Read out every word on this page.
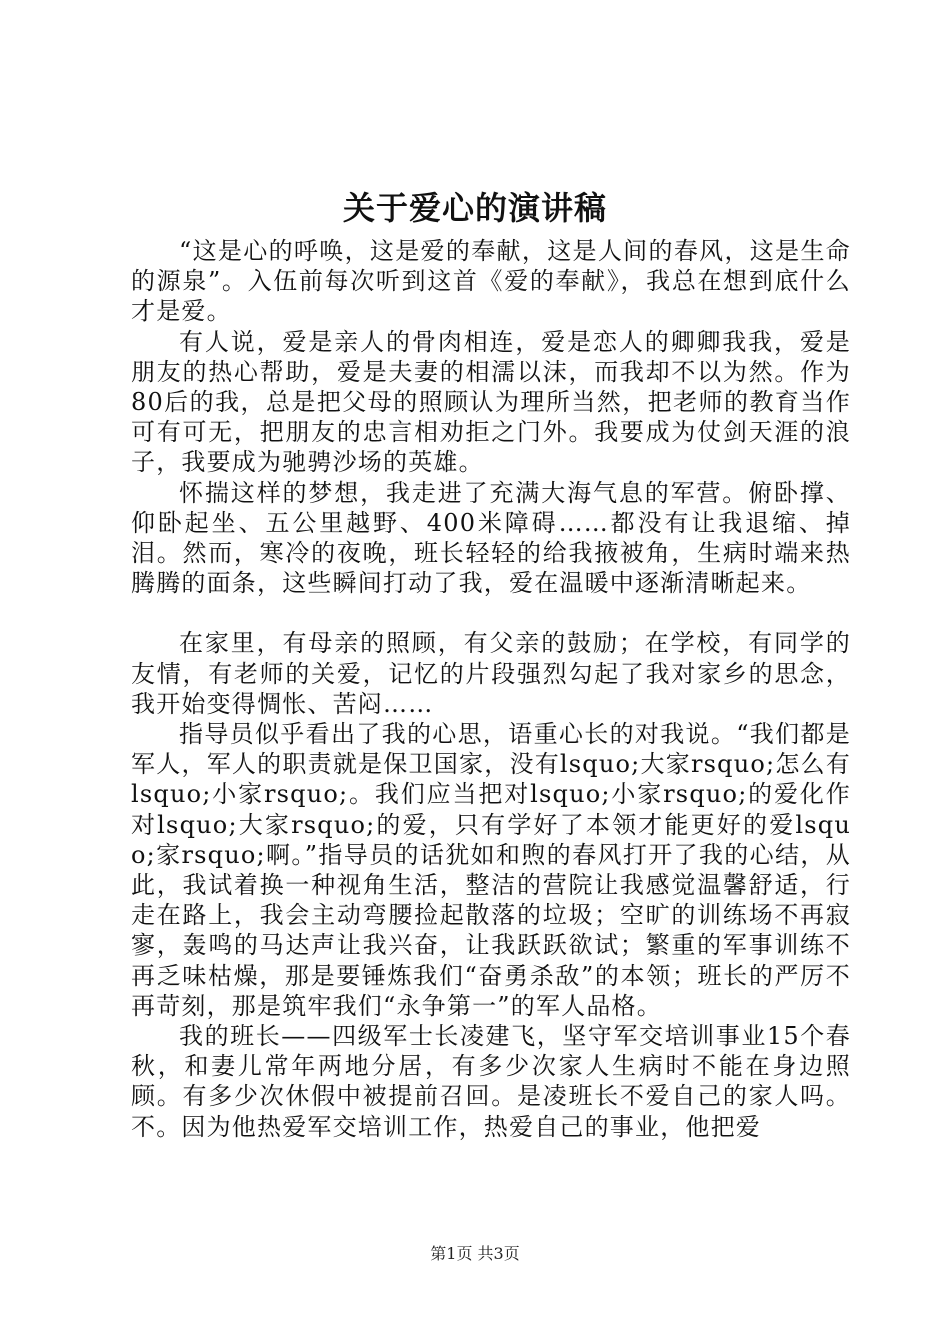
关于爱心的演讲稿

“这是心的呼唤，这是爱的奉献，这是人间的春风，这是生命的源泉”。入伍前每次听到这首《爱的奉献》，我总在想到底什么才是爱。

有人说，爱是亲人的骨肉相连，爱是恋人的卿卿我我，爱是朋友的热心帮助，爱是夫妻的相濡以沫，而我却不以为然。作为80后的我，总是把父母的照顾认为理所当然，把老师的教育当作可有可无，把朋友的忠言相劝拒之门外。我要成为仗剑天涯的浪子，我要成为驰骋沙场的英雄。

怀揣这样的梦想，我走进了充满大海气息的军营。俯卧撑、仰卧起坐、五公里越野、400米障碍……都没有让我退缩、掉泪。然而，寒冷的夜晚，班长轻轻的给我掖被角，生病时端来热腾腾的面条，这些瞬间打动了我，爱在温暖中逐渐清晰起来。

在家里，有母亲的照顾，有父亲的鼓励；在学校，有同学的友情，有老师的关爱，记忆的片段强烈勾起了我对家乡的思念，我开始变得惆怅、苦闷……

指导员似乎看出了我的心思，语重心长的对我说。“我们都是军人，军人的职责就是保卫国家，没有lsquo;大家rsquo;怎么有lsquo;小家rsquo;。我们应当把对lsquo;小家rsquo;的爱化作对lsquo;大家rsquo;的爱，只有学好了本领才能更好的爱lsquo;家rsquo;啊。”指导员的话犹如和煦的春风打开了我的心结，从此，我试着换一种视角生活，整洁的营院让我感觉温馨舒适，行走在路上，我会主动弯腰捡起散落的垃圾；空旷的训练场不再寂寥，轰鸣的马达声让我兴奋，让我跃跃欲试；繁重的军事训练不再乏味枯燥，那是要锤炼我们“奋勇杀敌”的本领；班长的严厉不再苛刻，那是筑牢我们“永争第一”的军人品格。

我的班长——四级军士长凌建飞，坚守军交培训事业15个春秋，和妻儿常年两地分居，有多少次家人生病时不能在身边照顾。有多少次休假中被提前召回。是凌班长不爱自己的家人吗。不。因为他热爱军交培训工作，热爱自己的事业，他把爱

第1页 共3页
